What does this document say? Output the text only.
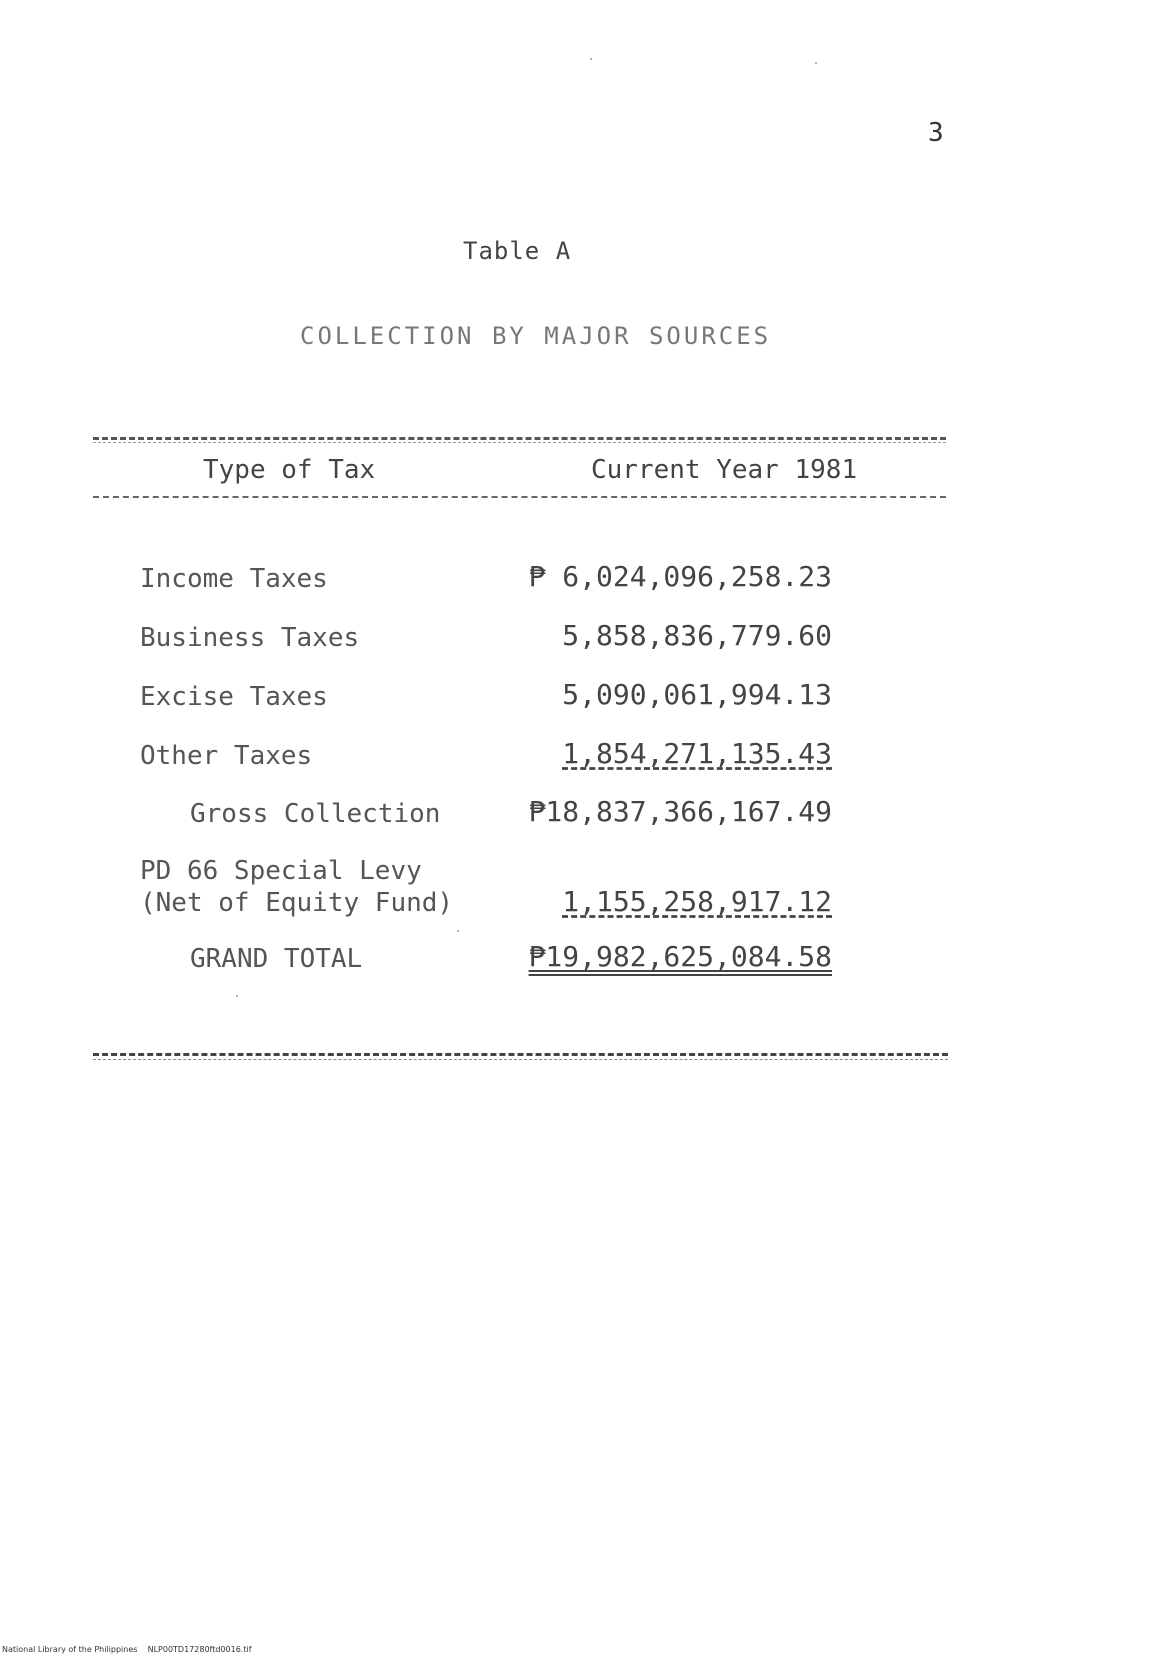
3
Table A
COLLECTION BY MAJOR SOURCES
Type of Tax	Current Year 1981
Income Taxes	₱ 6,024,096,258.23
Business Taxes	5,858,836,779.60
Excise Taxes	5,090,061,994.13
Other Taxes	1,854,271,135.43
Gross Collection	₱18,837,366,167.49
PD 66 Special Levy
(Net of Equity Fund)	1,155,258,917.12
GRAND TOTAL	₱19,982,625,084.58
National Library of the Philippines NLP00TD17280ftd0016.tif
